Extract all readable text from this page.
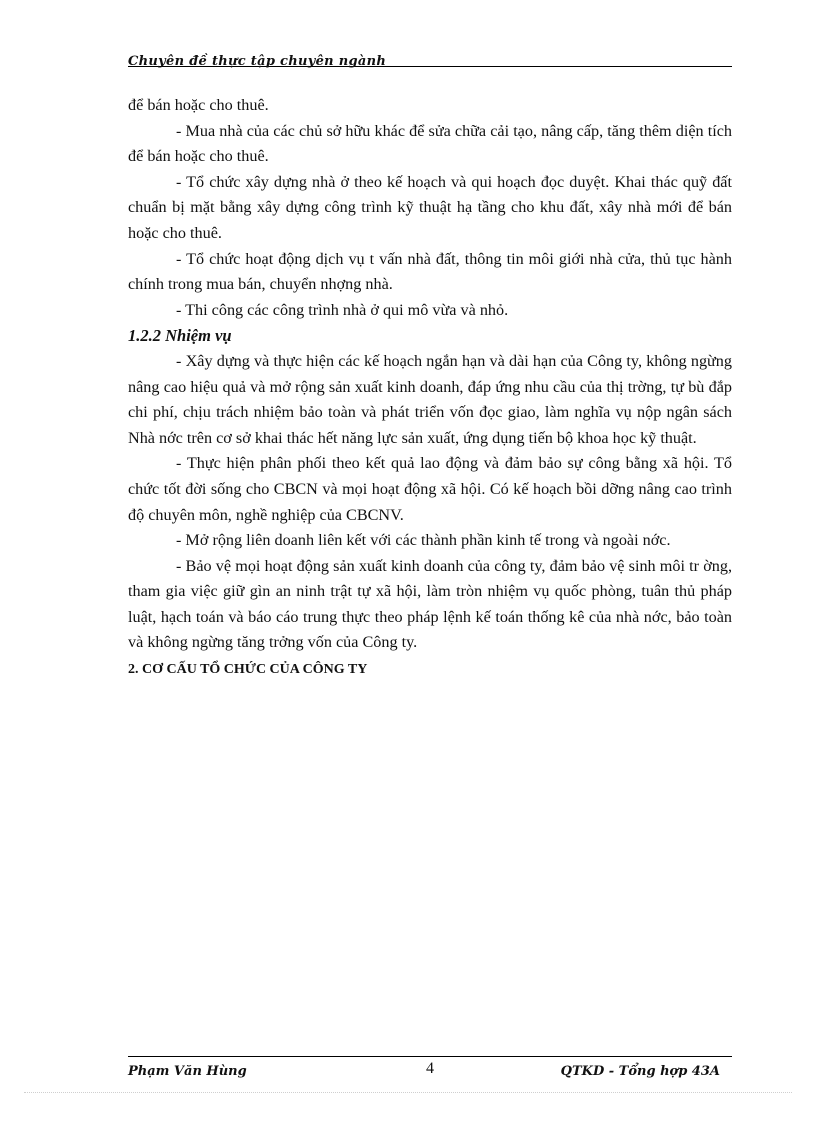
Chuyên đề thực tập chuyên ngành

để bán hoặc cho thuê.

- Mua nhà của các chủ sở hữu khác để sửa chữa cải tạo, nâng cấp, tăng thêm diện tích để bán hoặc cho thuê.

- Tổ chức xây dựng nhà ở theo kế hoạch và qui hoạch đọc duyệt. Khai thác quỹ đất chuẩn bị mặt bằng xây dựng công trình kỹ thuật hạ tầng cho khu đất, xây nhà mới để bán hoặc cho thuê.

- Tổ chức hoạt động dịch vụ t vấn nhà đất, thông tin môi giới nhà cửa, thủ tục hành chính trong mua bán, chuyển nhợng nhà.

- Thi công các công trình nhà ở qui mô vừa và nhỏ.

1.2.2 Nhiệm vụ

- Xây dựng và thực hiện các kế hoạch ngắn hạn và dài hạn của Công ty, không ngừng nâng cao hiệu quả và mở rộng sản xuất kinh doanh, đáp ứng nhu cầu của thị trờng, tự bù đắp chi phí, chịu trách nhiệm bảo toàn và phát triển vốn đọc giao, làm nghĩa vụ nộp ngân sách Nhà nớc trên cơ sở khai thác hết năng lực sản xuất, ứng dụng tiến bộ khoa học kỹ thuật.

- Thực hiện phân phối theo kết quả lao động và đảm bảo sự công bằng xã hội. Tổ chức tốt đời sống cho CBCN và mọi hoạt động xã hội. Có kế hoạch bồi dỡng nâng cao trình độ chuyên môn, nghề nghiệp của CBCNV.

- Mở rộng liên doanh liên kết với các thành phần kinh tế trong và ngoài nớc.

- Bảo vệ mọi hoạt động sản xuất kinh doanh của công ty, đảm bảo vệ sinh môi tr ờng, tham gia việc giữ gìn an ninh trật tự xã hội, làm tròn nhiệm vụ quốc phòng, tuân thủ pháp luật, hạch toán và báo cáo trung thực theo pháp lệnh kế toán thống kê của nhà nớc, bảo toàn và không ngừng tăng trởng vốn của Công ty.

2. CƠ CẤU TỔ CHỨC CỦA CÔNG TY
Phạm Văn Hùng	4	QTKD - Tổng hợp 43A
